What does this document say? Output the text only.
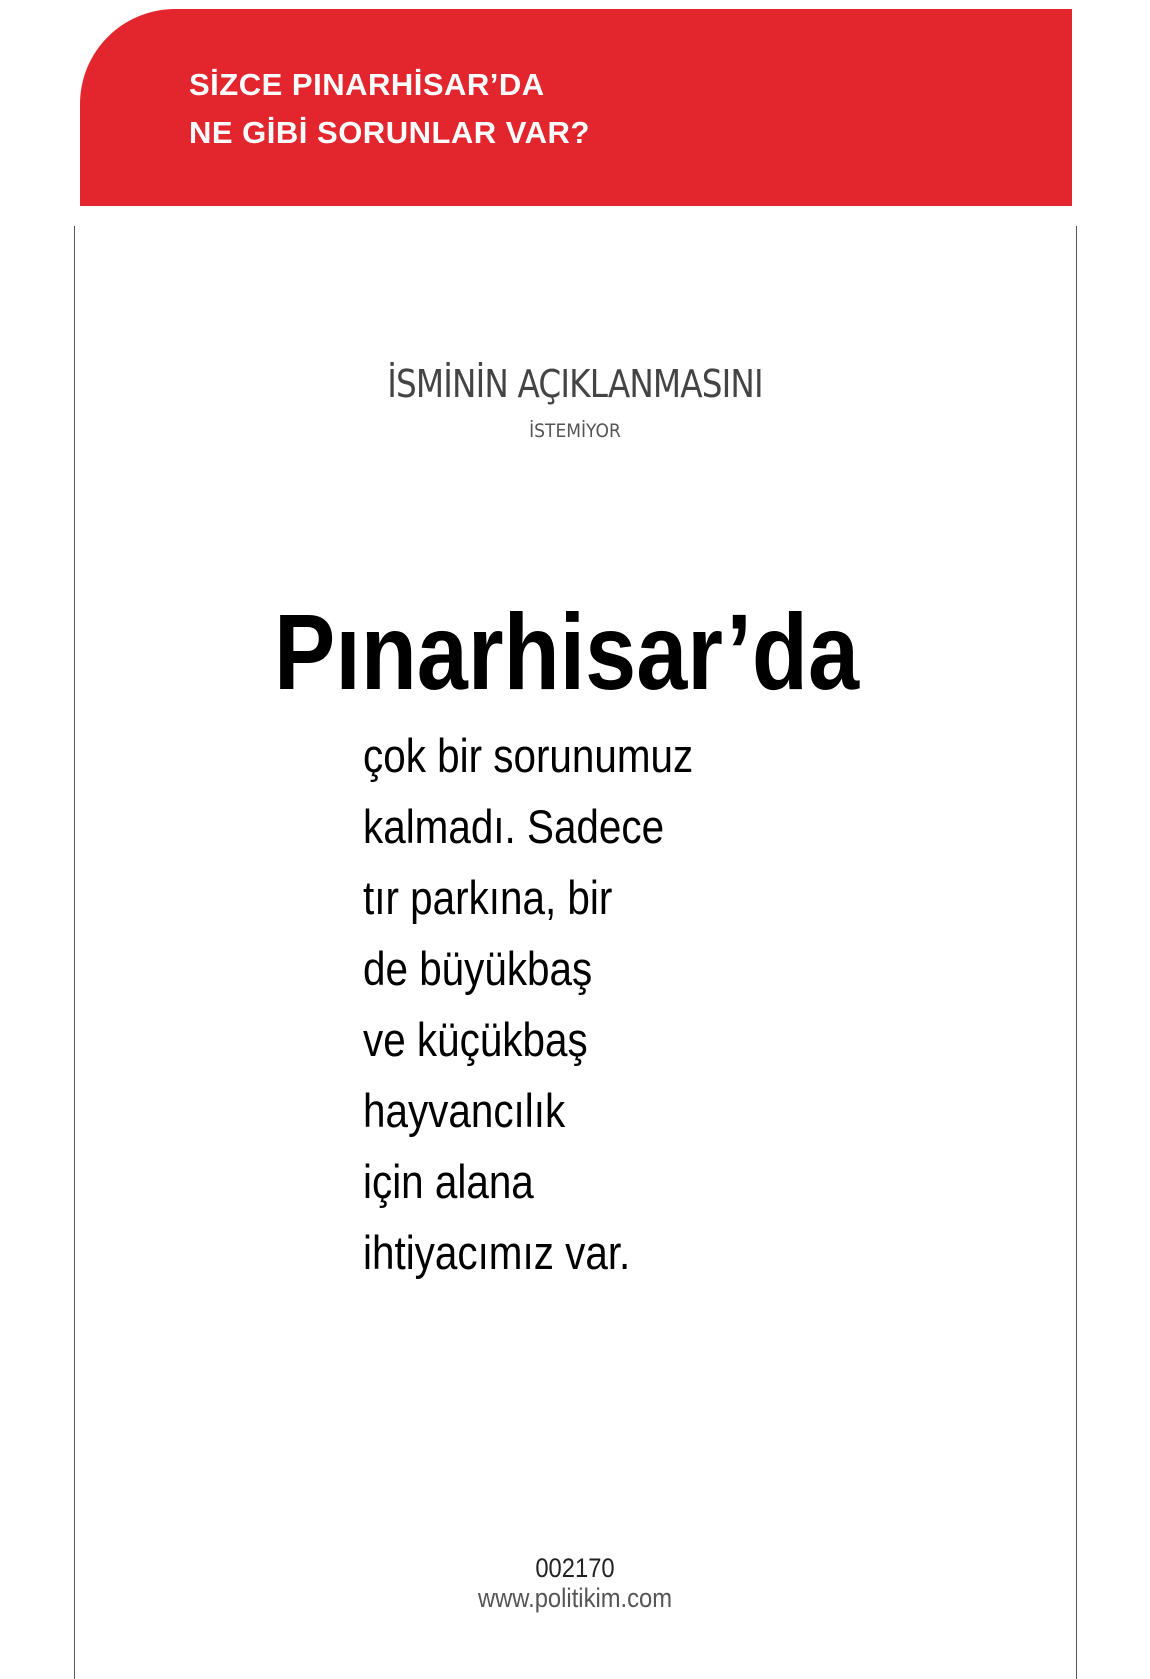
SİZCE PINARHİSAR’DA
NE GİBİ SORUNLAR VAR?
İSMİNİN AÇIKLANMASINI
İSTEMİYOR
Pınarhisar’da
çok bir sorunumuz
kalmadı. Sadece
tır parkına, bir
de büyükbaş
ve küçükbaş
hayvancılık
için alana
ihtiyacımız var.
002170
www.politikim.com
